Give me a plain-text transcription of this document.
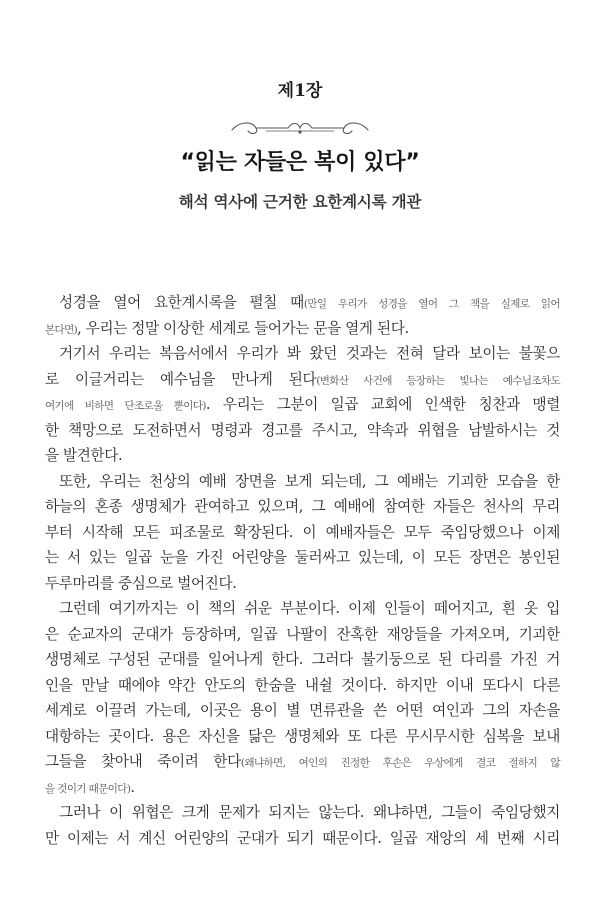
제1장
“읽는 자들은 복이 있다”
해석 역사에 근거한 요한계시록 개관
성경을 열어 요한계시록을 펼칠 때(만일 우리가 성경을 열어 그 책을 실제로 읽어
본다면), 우리는 정말 이상한 세계로 들어가는 문을 열게 된다.
거기서 우리는 복음서에서 우리가 봐 왔던 것과는 전혀 달라 보이는 불꽃으
로 이글거리는 예수님을 만나게 된다(변화산 사건에 등장하는 빛나는 예수님조차도
여기에 비하면 단조로울 뿐이다). 우리는 그분이 일곱 교회에 인색한 칭찬과 맹렬
한 책망으로 도전하면서 명령과 경고를 주시고, 약속과 위협을 남발하시는 것
을 발견한다.
또한, 우리는 천상의 예배 장면을 보게 되는데, 그 예배는 기괴한 모습을 한
하늘의 혼종 생명체가 관여하고 있으며, 그 예배에 참여한 자들은 천사의 무리
부터 시작해 모든 피조물로 확장된다. 이 예배자들은 모두 죽임당했으나 이제
는 서 있는 일곱 눈을 가진 어린양을 둘러싸고 있는데, 이 모든 장면은 봉인된
두루마리를 중심으로 벌어진다.
그런데 여기까지는 이 책의 쉬운 부분이다. 이제 인들이 떼어지고, 흰 옷 입
은 순교자의 군대가 등장하며, 일곱 나팔이 잔혹한 재앙들을 가져오며, 기괴한
생명체로 구성된 군대를 일어나게 한다. 그러다 불기둥으로 된 다리를 가진 거
인을 만날 때에야 약간 안도의 한숨을 내쉴 것이다. 하지만 이내 또다시 다른
세계로 이끌려 가는데, 이곳은 용이 별 면류관을 쓴 어떤 여인과 그의 자손을
대항하는 곳이다. 용은 자신을 닮은 생명체와 또 다른 무시무시한 심복을 보내
그들을 찾아내 죽이려 한다(왜냐하면, 여인의 진정한 후손은 우상에게 결코 절하지 않
을 것이기 때문이다).
그러나 이 위협은 크게 문제가 되지는 않는다. 왜냐하면, 그들이 죽임당했지
만 이제는 서 계신 어린양의 군대가 되기 때문이다. 일곱 재앙의 세 번째 시리
